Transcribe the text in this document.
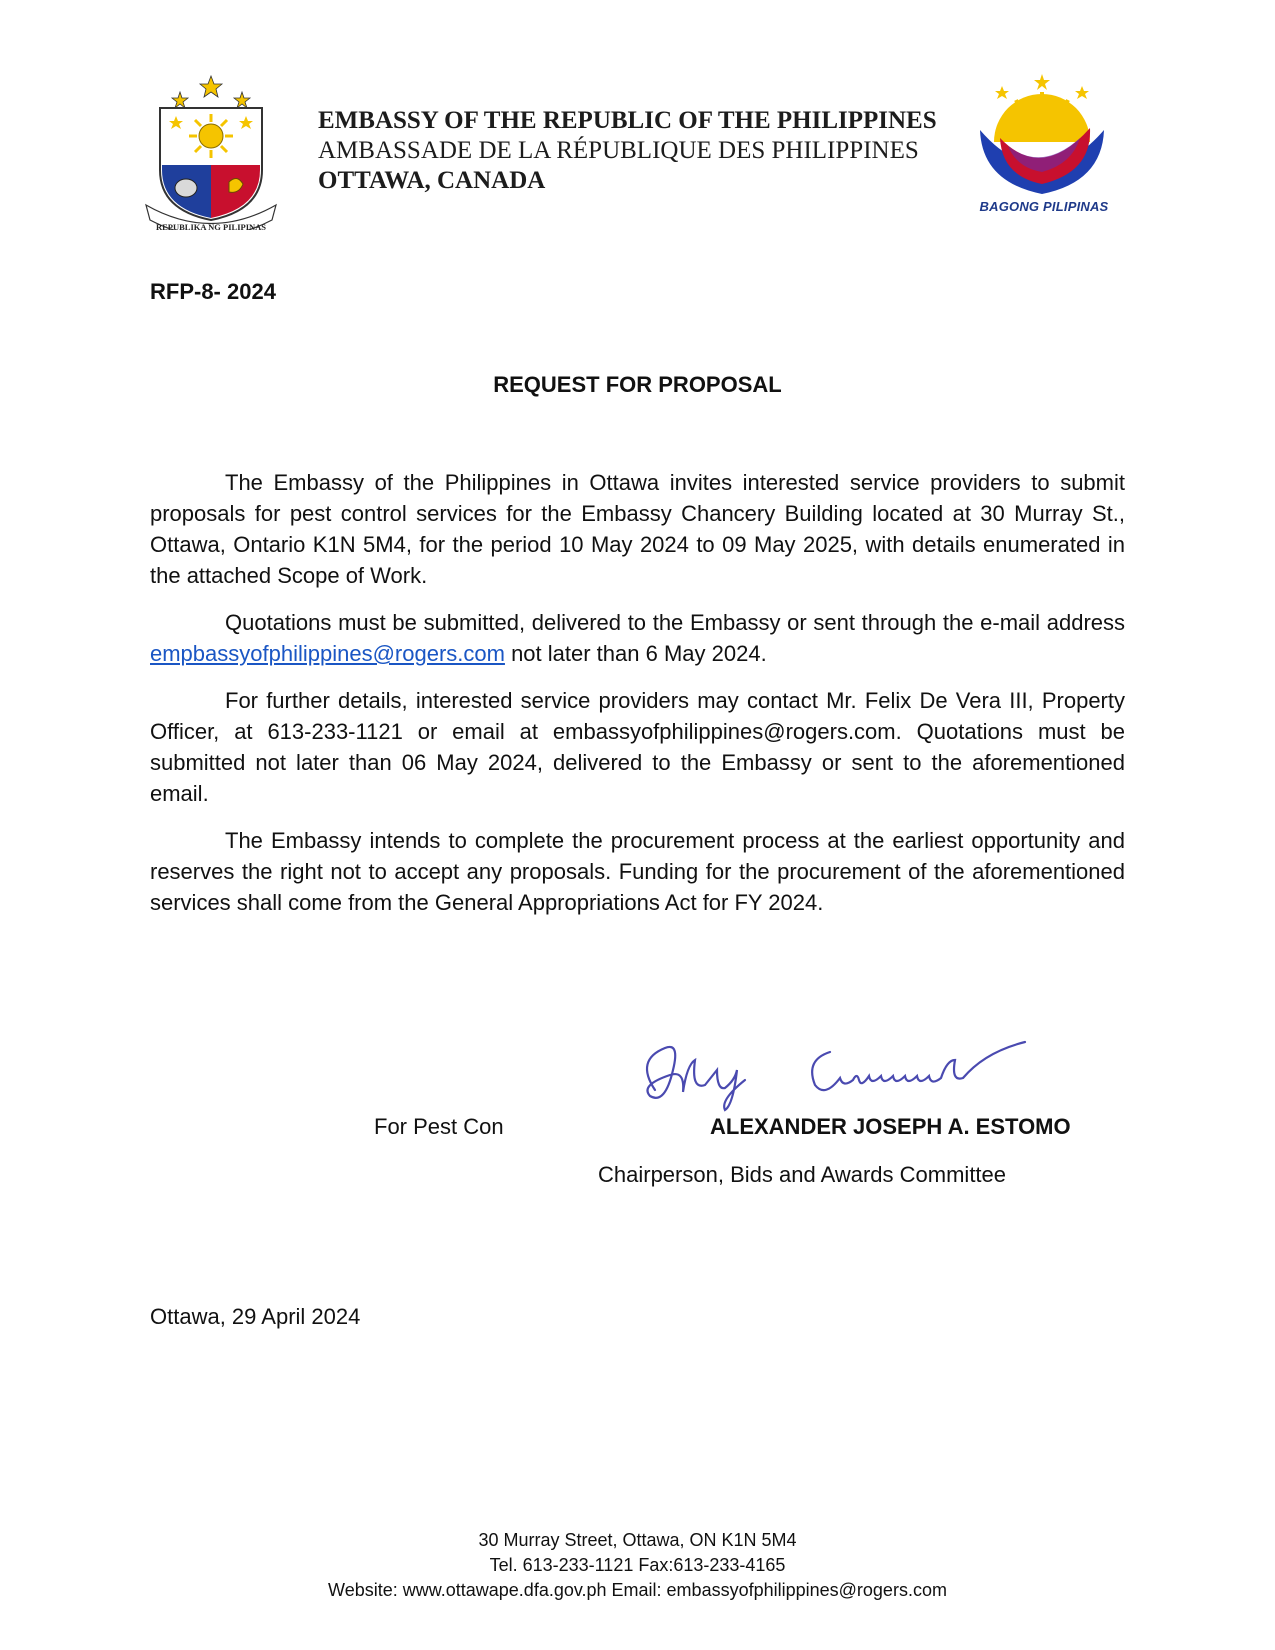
REPUBLIKA NG PILIPINAS
EMBASSY OF THE REPUBLIC OF THE PHILIPPINES
AMBASSADE DE LA RÉPUBLIQUE DES PHILIPPINES
OTTAWA, CANADA
BAGONG PILIPINAS
RFP-8- 2024
REQUEST FOR PROPOSAL
The Embassy of the Philippines in Ottawa invites interested service providers to submit proposals for pest control services for the Embassy Chancery Building located at 30 Murray St., Ottawa, Ontario K1N 5M4, for the period 10 May 2024 to 09 May 2025, with details enumerated in the attached Scope of Work.
Quotations must be submitted, delivered to the Embassy or sent through the e-mail address empbassyofphilippines@rogers.com not later than 6 May 2024.
For further details, interested service providers may contact Mr. Felix De Vera III, Property Officer, at 613-233-1121 or email at embassyofphilippines@rogers.com. Quotations must be submitted not later than 06 May 2024, delivered to the Embassy or sent to the aforementioned email.
The Embassy intends to complete the procurement process at the earliest opportunity and reserves the right not to accept any proposals. Funding for the procurement of the aforementioned services shall come from the General Appropriations Act for FY 2024.
For Pest Con	ALEXANDER JOSEPH A. ESTOMO
Chairperson, Bids and Awards Committee
Ottawa, 29 April 2024
30 Murray Street, Ottawa, ON K1N 5M4
Tel. 613-233-1121 Fax:613-233-4165
Website: www.ottawape.dfa.gov.ph Email: embassyofphilippines@rogers.com
